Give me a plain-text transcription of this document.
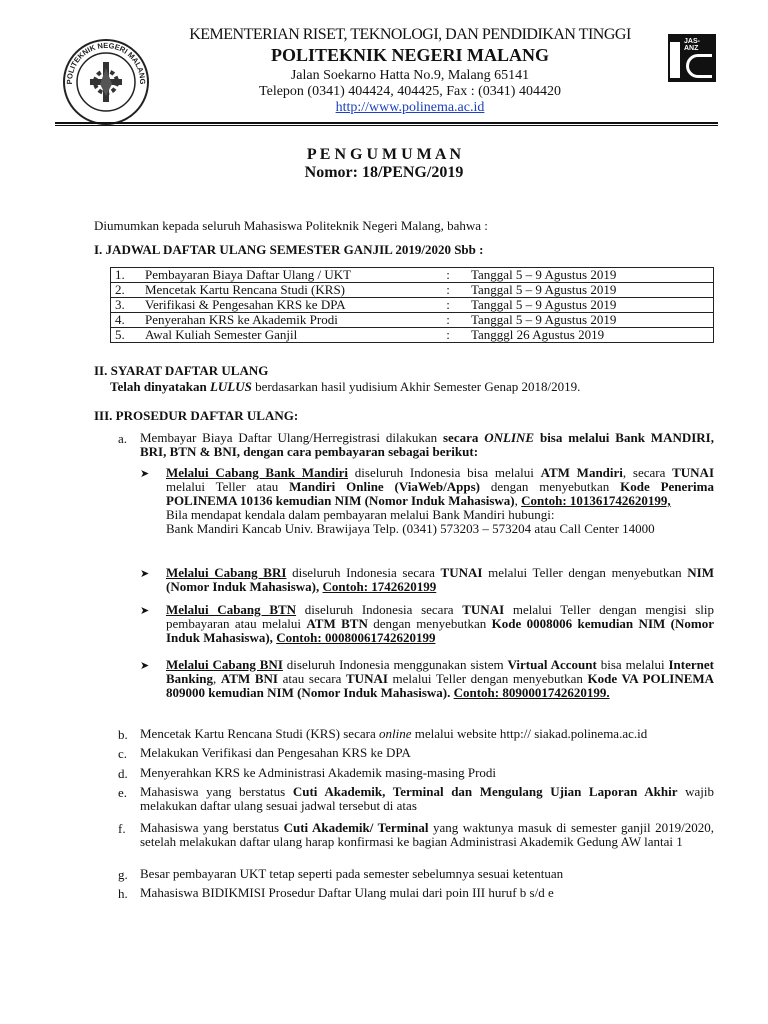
POLITEKNIK NEGERI MALANG
KEMENTERIAN RISET, TEKNOLOGI, DAN PENDIDIKAN TINGGI
POLITEKNIK NEGERI MALANG
Jalan Soekarno Hatta No.9, Malang 65141
Telepon (0341) 404424, 404425, Fax : (0341) 404420
http://www.polinema.ac.id
JAS-ANZ
P E N G U M U M A N
Nomor: 18/PENG/2019
Diumumkan kepada seluruh Mahasiswa Politeknik Negeri Malang, bahwa :
I. JADWAL DAFTAR ULANG SEMESTER GANJIL 2019/2020 Sbb :
1.	Pembayaran Biaya Daftar Ulang / UKT	:	Tanggal 5 – 9 Agustus 2019
2.	Mencetak Kartu Rencana Studi (KRS)	:	Tanggal 5 – 9 Agustus 2019
3.	Verifikasi & Pengesahan KRS ke DPA	:	Tanggal 5 – 9 Agustus 2019
4.	Penyerahan KRS ke Akademik Prodi	:	Tanggal 5 – 9 Agustus 2019
5.	Awal Kuliah Semester Ganjil	:	Tangggl 26 Agustus 2019
II. SYARAT DAFTAR ULANG
Telah dinyatakan LULUS berdasarkan hasil yudisium Akhir Semester Genap 2018/2019.
III. PROSEDUR DAFTAR ULANG:
a. Membayar Biaya Daftar Ulang/Herregistrasi dilakukan secara ONLINE bisa melalui Bank MANDIRI, BRI, BTN & BNI, dengan cara pembayaran sebagai berikut:
➤ Melalui Cabang Bank Mandiri diseluruh Indonesia bisa melalui ATM Mandiri, secara TUNAI melalui Teller atau Mandiri Online (ViaWeb/Apps) dengan menyebutkan Kode Penerima POLINEMA 10136 kemudian NIM (Nomor Induk Mahasiswa), Contoh: 101361742620199,
Bila mendapat kendala dalam pembayaran melalui Bank Mandiri hubungi:
Bank Mandiri Kancab Univ. Brawijaya Telp. (0341) 573203 – 573204 atau Call Center 14000
➤ Melalui Cabang BRI diseluruh Indonesia secara TUNAI melalui Teller dengan menyebutkan NIM (Nomor Induk Mahasiswa), Contoh: 1742620199
➤ Melalui Cabang BTN diseluruh Indonesia secara TUNAI melalui Teller dengan mengisi slip pembayaran atau melalui ATM BTN dengan menyebutkan Kode 0008006 kemudian NIM (Nomor Induk Mahasiswa), Contoh: 00080061742620199
➤ Melalui Cabang BNI diseluruh Indonesia menggunakan sistem Virtual Account bisa melalui Internet Banking, ATM BNI atau secara TUNAI melalui Teller dengan menyebutkan Kode VA POLINEMA 809000 kemudian NIM (Nomor Induk Mahasiswa). Contoh: 8090001742620199.
b. Mencetak Kartu Rencana Studi (KRS) secara online melalui website http:// siakad.polinema.ac.id
c. Melakukan Verifikasi dan Pengesahan KRS ke DPA
d. Menyerahkan KRS ke Administrasi Akademik masing-masing Prodi
e. Mahasiswa yang berstatus Cuti Akademik, Terminal dan Mengulang Ujian Laporan Akhir wajib melakukan daftar ulang sesuai jadwal tersebut di atas
f. Mahasiswa yang berstatus Cuti Akademik/ Terminal yang waktunya masuk di semester ganjil 2019/2020, setelah melakukan daftar ulang harap konfirmasi ke bagian Administrasi Akademik Gedung AW lantai 1
g. Besar pembayaran UKT tetap seperti pada semester sebelumnya sesuai ketentuan
h. Mahasiswa BIDIKMISI Prosedur Daftar Ulang mulai dari poin III huruf b s/d e
